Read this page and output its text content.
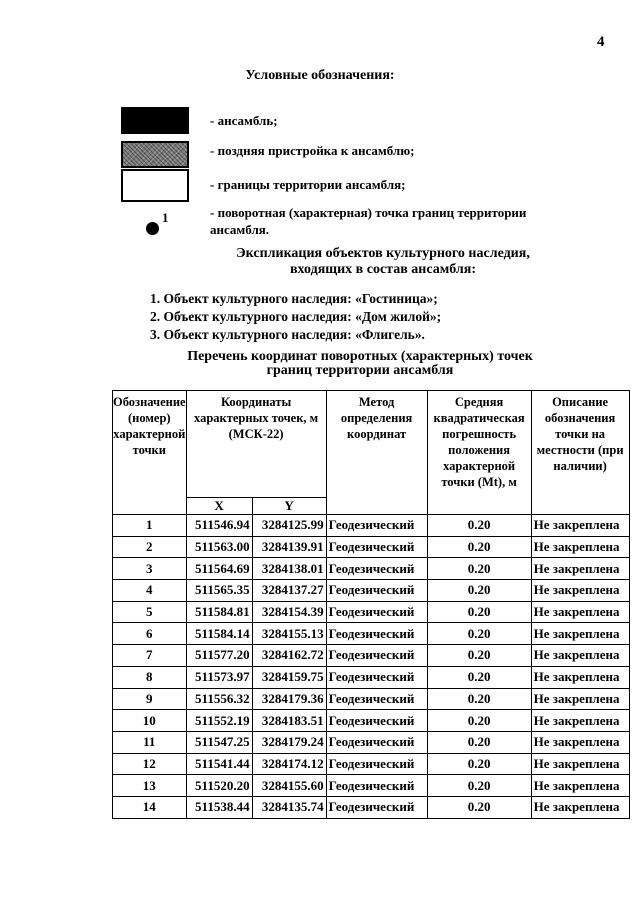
4
Условные обозначения:
- ансамбль;
- поздняя пристройка к ансамблю;
- границы территории ансамбля;
1	- поворотная (характерная) точка границ территории ансамбля.
Экспликация объектов культурного наследия,
входящих в состав ансамбля:
1. Объект культурного наследия: «Гостиница»;
2. Объект культурного наследия: «Дом жилой»;
3. Объект культурного наследия: «Флигель».
Перечень координат поворотных (характерных) точек
границ территории ансамбля
Обозначение (номер) характерной точки	Координаты характерных точек, м (МСК-22)		Метод определения координат	Средняя квадратическая погрешность положения характерной точки (Mt), м	Описание обозначения точки на местности (при наличии)
	X	Y			
1	511546.94	3284125.99	Геодезический	0.20	Не закреплена
2	511563.00	3284139.91	Геодезический	0.20	Не закреплена
3	511564.69	3284138.01	Геодезический	0.20	Не закреплена
4	511565.35	3284137.27	Геодезический	0.20	Не закреплена
5	511584.81	3284154.39	Геодезический	0.20	Не закреплена
6	511584.14	3284155.13	Геодезический	0.20	Не закреплена
7	511577.20	3284162.72	Геодезический	0.20	Не закреплена
8	511573.97	3284159.75	Геодезический	0.20	Не закреплена
9	511556.32	3284179.36	Геодезический	0.20	Не закреплена
10	511552.19	3284183.51	Геодезический	0.20	Не закреплена
11	511547.25	3284179.24	Геодезический	0.20	Не закреплена
12	511541.44	3284174.12	Геодезический	0.20	Не закреплена
13	511520.20	3284155.60	Геодезический	0.20	Не закреплена
14	511538.44	3284135.74	Геодезический	0.20	Не закреплена
